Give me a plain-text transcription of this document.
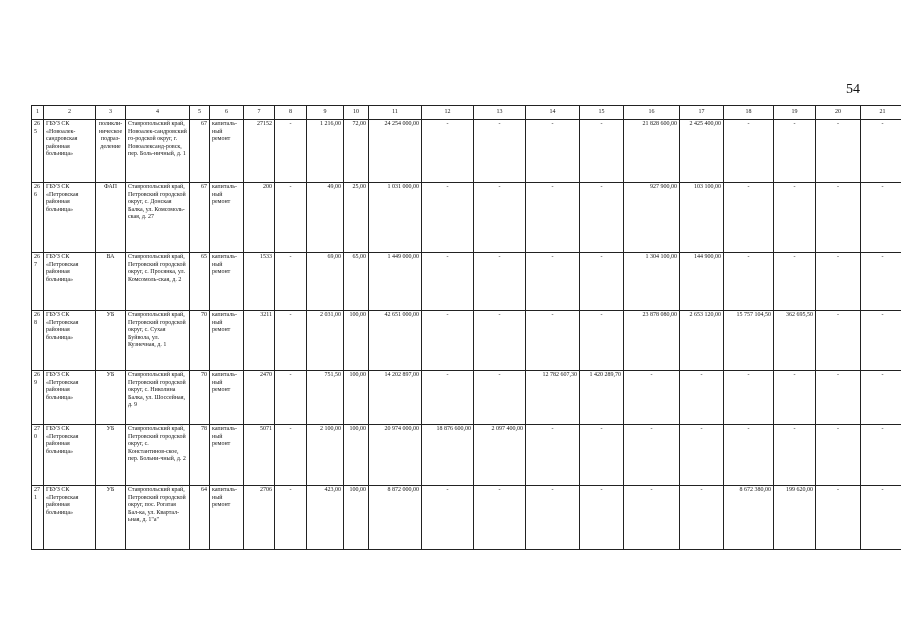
54
1	2	3	4	5	6	7	8	9	10	11	12	13	14	15	16	17	18	19	20	21
265	ГБУЗ СК «Новоалек-сандровская районная больница»	поликли-ническое подраз-деление	Ставропольский край, Новоалек-сандровский го-родской округ, г. Новоалександ-ровск, пер. Боль-ничный, д. 1	67	капиталь-ный ремонт	27152	-	1 216,00	72,00	24 254 000,00	-	-	-	-	21 828 600,00	2 425 400,00	-	-	-	-
266	ГБУЗ СК «Петровская районная больница»	ФАП	Ставропольский край, Петровский городской округ, с. Донская Балка, ул. Комсомоль-ская, д. 27	67	капиталь-ный ремонт	200	-	49,00	25,00	1 031 000,00	-	-	-	-	927 900,00	103 100,00	-	-	-	-
267	ГБУЗ СК «Петровская районная больница»	ВА	Ставропольский край, Петровский городской округ, с. Просянка, ул. Комсомоль-ская, д. 2	65	капиталь-ный ремонт	1533	-	69,00	65,00	1 449 000,00	-	-	-	-	1 304 100,00	144 900,00	-	-	-	-
268	ГБУЗ СК «Петровская районная больница»	УБ	Ставропольский край, Петровский городской округ, с. Сухая Буйвола, ул. Кузнечная, д. 1	70	капиталь-ный ремонт	3211	-	2 031,00	100,00	42 651 000,00	-	-	-	-	23 878 080,00	2 653 120,00	15 757 104,50	362 695,50	-	-
269	ГБУЗ СК «Петровская районная больница»	УБ	Ставропольский край, Петровский городской округ, с. Николина Балка, ул. Шоссейная, д. 9	70	капиталь-ный ремонт	2470	-	751,50	100,00	14 202 897,00	-	-	12 782 607,30	1 420 289,70	-	-	-	-	-	-
270	ГБУЗ СК «Петровская районная больница»	УБ	Ставропольский край, Петровский городской округ, с. Константинов-ское, пер. Больни-чный, д. 2	78	капиталь-ный ремонт	5071	-	2 100,00	100,00	20 974 000,00	18 876 600,00	2 097 400,00	-	-	-	-	-	-	-	-
271	ГБУЗ СК «Петровская районная больница»	УБ	Ставропольский край, Петровский городской округ, пос. Рогатая Бал-ка, ул. Квартал-ьная, д. 1"а"	64	капиталь-ный ремонт	2706	-	423,00	100,00	8 872 000,00	-	-	-	-	-	-	8 672 380,00	199 620,00	-	-
